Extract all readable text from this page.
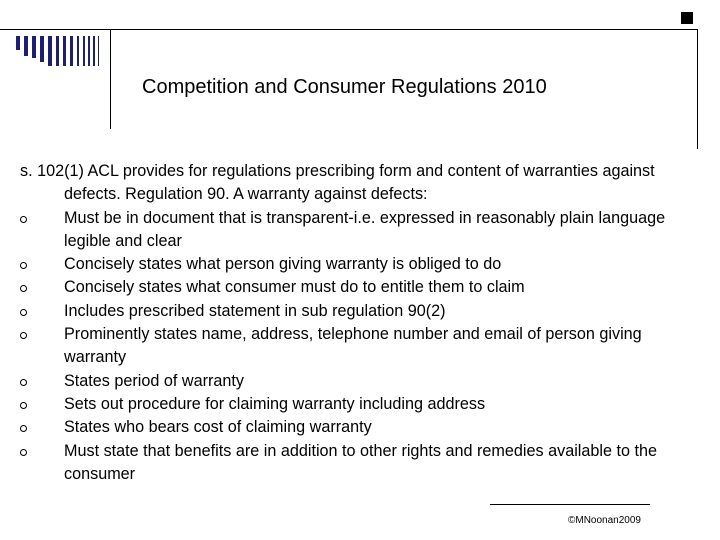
Competition and Consumer Regulations 2010
s. 102(1) ACL provides for regulations prescribing form and content of warranties against defects. Regulation 90. A warranty against defects:
Must be in document that is transparent-i.e. expressed in reasonably plain language legible and clear
Concisely states what person giving warranty is obliged to do
Concisely states what consumer must do to entitle them to claim
Includes prescribed statement in sub regulation 90(2)
Prominently states name, address, telephone number and email of person giving warranty
States period of warranty
Sets out procedure for claiming warranty including address
States who bears cost of claiming warranty
Must state that benefits are in addition to other rights and remedies available to the consumer
©MNoonan2009
